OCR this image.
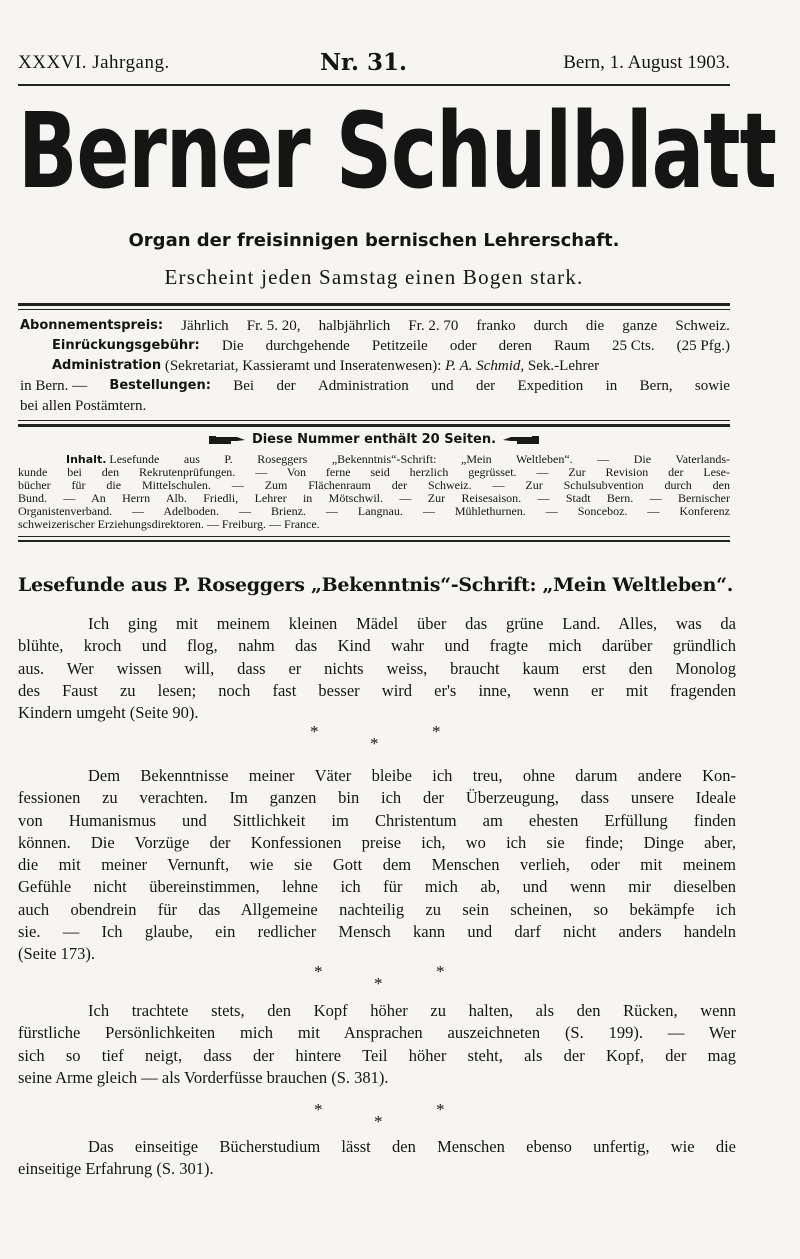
XXXVI. Jahrgang.	Nr. 31.	Bern, 1. August 1903.
Berner Schulblatt
Organ der freisinnigen bernischen Lehrerschaft.
Erscheint jeden Samstag einen Bogen stark.
Abonnementspreis: Jährlich Fr. 5. 20, halbjährlich Fr. 2. 70 franko durch die ganze Schweiz.
Einrückungsgebühr: Die durchgehende Petitzeile oder deren Raum 25 Cts. (25 Pfg.)
Administration
(Sekretariat, Kassieramt und Inseratenwesen):
P. A. Schmid,
Sek.-Lehrer
in Bern. — Bestellungen: Bei der Administration und der Expedition in Bern, sowie
bei allen Postämtern.
Diese Nummer enthält 20 Seiten.
Inhalt.
Lesefunde aus P. Roseggers „Bekenntnis“-Schrift: „Mein Weltleben“. — Die Vaterlands-
kunde bei den Rekrutenprüfungen. — Von ferne seid herzlich gegrüsset. — Zur Revision der Lese-
bücher für die Mittelschulen. — Zum Flächenraum der Schweiz. — Zur Schulsubvention durch den
Bund. — An Herrn Alb. Friedli, Lehrer in Mötschwil. — Zur Reisesaison. — Stadt Bern. — Bernischer
Organistenverband. — Adelboden. — Brienz. — Langnau. — Mühlethurnen. — Sonceboz. — Konferenz
schweizerischer Erziehungsdirektoren. — Freiburg. — France.
Lesefunde aus P. Roseggers „Bekenntnis“-Schrift: „Mein Weltleben“.
Ich ging mit meinem kleinen Mädel über das grüne Land. Alles, was da
blühte, kroch und flog, nahm das Kind wahr und fragte mich darüber gründlich
aus. Wer wissen will, dass er nichts weiss, braucht kaum erst den Monolog
des Faust zu lesen; noch fast besser wird er's inne, wenn er mit fragenden
Kindern umgeht (Seite 90).
*
*
*
Dem Bekenntnisse meiner Väter bleibe ich treu, ohne darum andere Kon-
fessionen zu verachten. Im ganzen bin ich der Überzeugung, dass unsere Ideale
von Humanismus und Sittlichkeit im Christentum am ehesten Erfüllung finden
können. Die Vorzüge der Konfessionen preise ich, wo ich sie finde; Dinge aber,
die mit meiner Vernunft, wie sie Gott dem Menschen verlieh, oder mit meinem
Gefühle nicht übereinstimmen, lehne ich für mich ab, und wenn mir dieselben
auch obendrein für das Allgemeine nachteilig zu sein scheinen, so bekämpfe ich
sie. — Ich glaube, ein redlicher Mensch kann und darf nicht anders handeln
(Seite 173).
*
*
*
Ich trachtete stets, den Kopf höher zu halten, als den Rücken, wenn
fürstliche Persönlichkeiten mich mit Ansprachen auszeichneten (S. 199). — Wer
sich so tief neigt, dass der hintere Teil höher steht, als der Kopf, der mag
seine Arme gleich — als Vorderfüsse brauchen (S. 381).
*
*
*
Das einseitige Bücherstudium lässt den Menschen ebenso unfertig, wie die
einseitige Erfahrung (S. 301).
